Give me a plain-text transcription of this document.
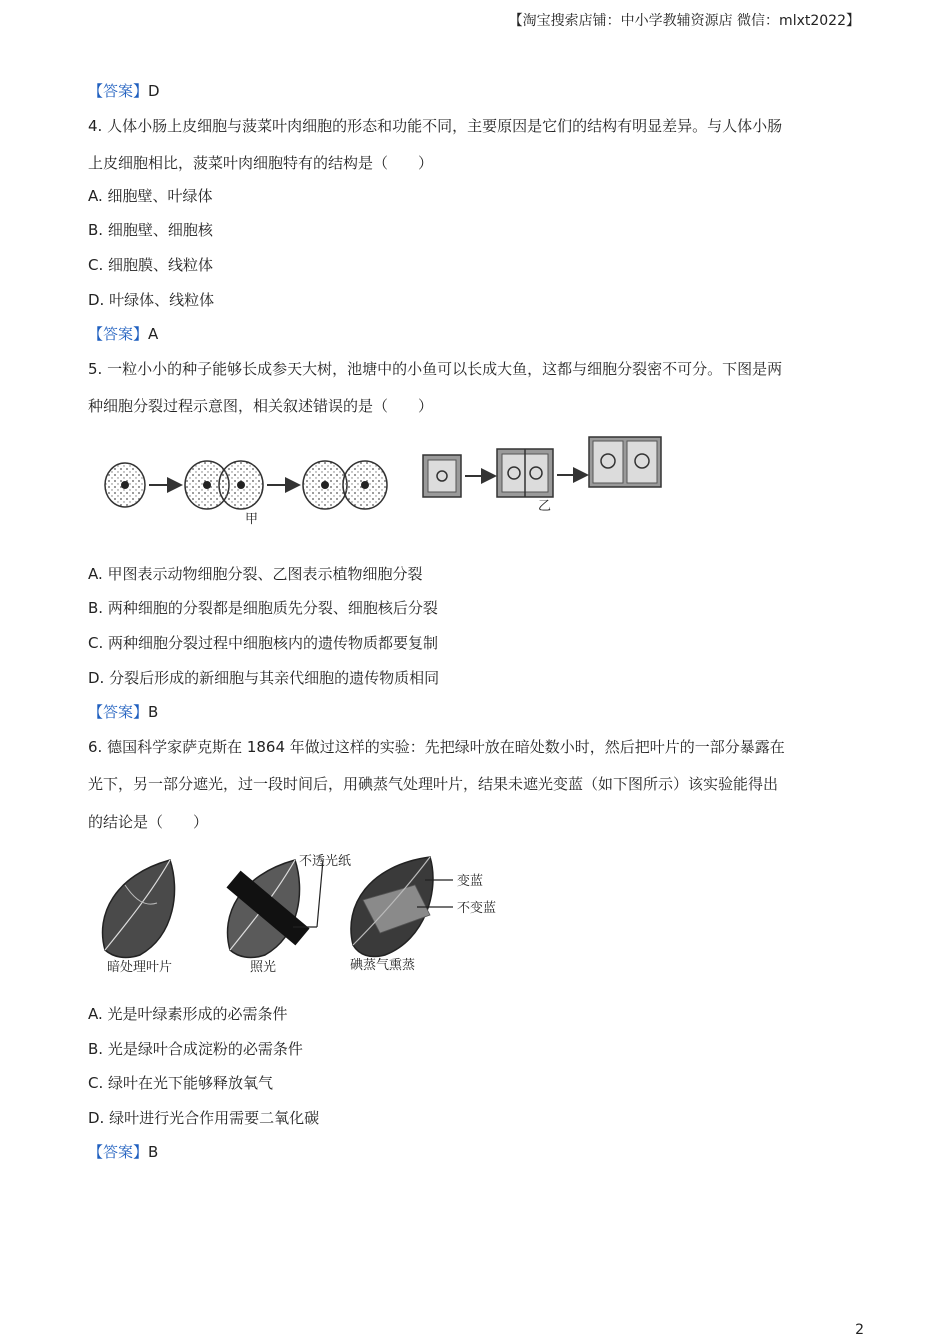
【淘宝搜索店铺：中小学教辅资源店 微信：mlxt2022】
【答案】D
4. 人体小肠上皮细胞与菠菜叶肉细胞的形态和功能不同，主要原因是它们的结构有明显差异。与人体小肠
上皮细胞相比，菠菜叶肉细胞特有的结构是（　　）
A. 细胞壁、叶绿体
B. 细胞壁、细胞核
C. 细胞膜、线粒体
D. 叶绿体、线粒体
【答案】A
5. 一粒小小的种子能够长成参天大树，池塘中的小鱼可以长成大鱼，这都与细胞分裂密不可分。下图是两
种细胞分裂过程示意图，相关叙述错误的是（　　）
甲
乙
A. 甲图表示动物细胞分裂、乙图表示植物细胞分裂
B. 两种细胞的分裂都是细胞质先分裂、细胞核后分裂
C. 两种细胞分裂过程中细胞核内的遗传物质都要复制
D. 分裂后形成的新细胞与其亲代细胞的遗传物质相同
【答案】B
6. 德国科学家萨克斯在 1864 年做过这样的实验：先把绿叶放在暗处数小时，然后把叶片的一部分暴露在
光下，另一部分遮光，过一段时间后，用碘蒸气处理叶片，结果未遮光变蓝（如下图所示）该实验能得出
的结论是（　　）
暗处理叶片
不透光纸
照光
变蓝
不变蓝
碘蒸气熏蒸
A. 光是叶绿素形成的必需条件
B. 光是绿叶合成淀粉的必需条件
C. 绿叶在光下能够释放氧气
D. 绿叶进行光合作用需要二氧化碳
【答案】B
2
